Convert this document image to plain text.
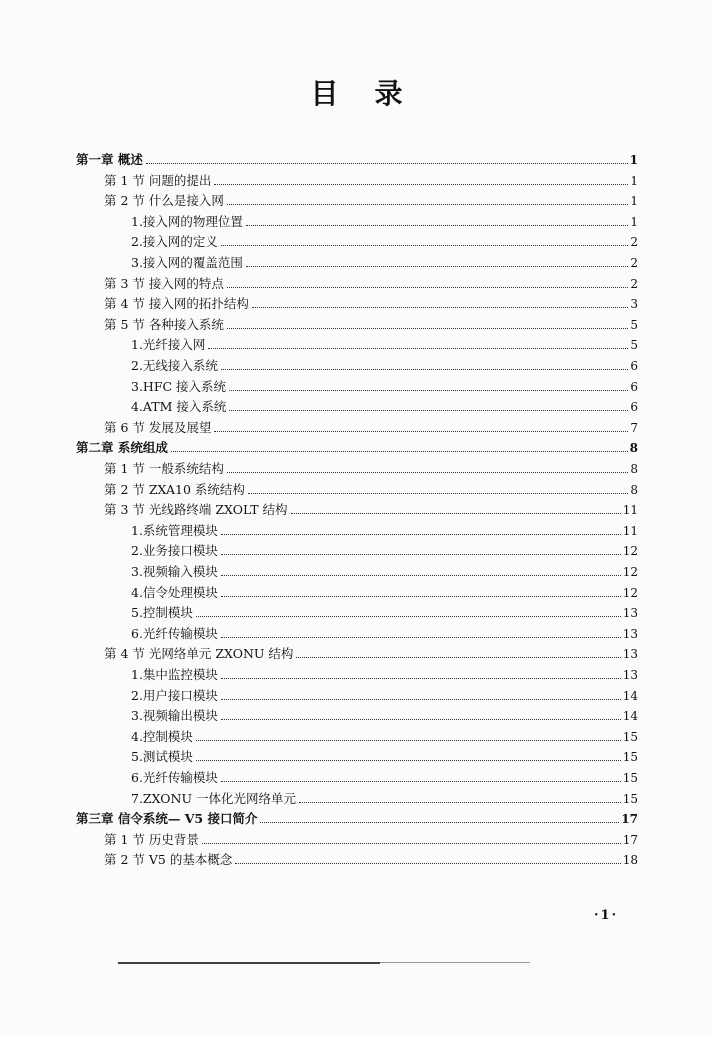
目录
第一章 概述	1
第 1 节 问题的提出	1
第 2 节 什么是接入网	1
1.接入网的物理位置	1
2.接入网的定义	2
3.接入网的覆盖范围	2
第 3 节 接入网的特点	2
第 4 节 接入网的拓扑结构	3
第 5 节 各种接入系统	5
1.光纤接入网	5
2.无线接入系统	6
3.HFC 接入系统	6
4.ATM 接入系统	6
第 6 节 发展及展望	7
第二章 系统组成	8
第 1 节 一般系统结构	8
第 2 节 ZXA10 系统结构	8
第 3 节 光线路终端 ZXOLT 结构	11
1.系统管理模块	11
2.业务接口模块	12
3.视频输入模块	12
4.信令处理模块	12
5.控制模块	13
6.光纤传输模块	13
第 4 节 光网络单元 ZXONU 结构	13
1.集中监控模块	13
2.用户接口模块	14
3.视频输出模块	14
4.控制模块	15
5.测试模块	15
6.光纤传输模块	15
7.ZXONU 一体化光网络单元	15
第三章 信令系统— V5 接口简介	17
第 1 节 历史背景	17
第 2 节 V5 的基本概念	18
·1·
